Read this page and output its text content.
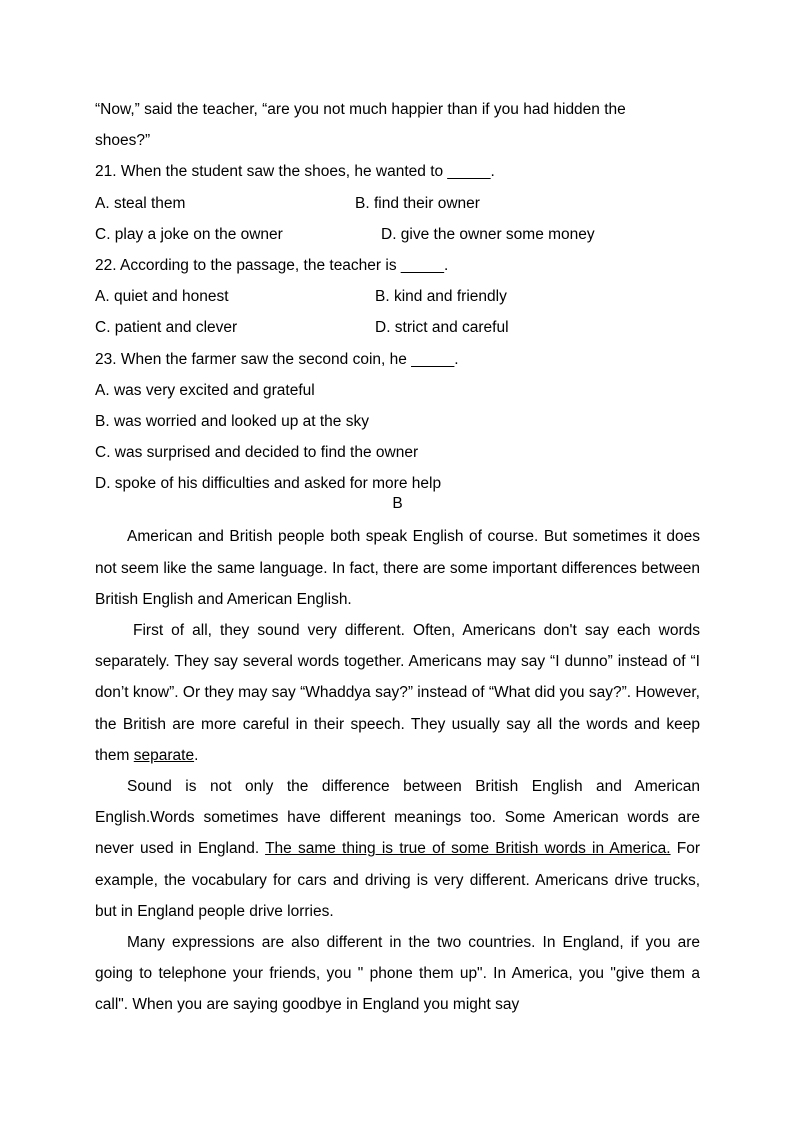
“Now,” said the teacher, “are you not much happier than if you had hidden the
shoes?”
21. When the student saw the shoes, he wanted to _____.
A. steal them	B. find their owner
C. play a joke on the owner	D. give the owner some money
22. According to the passage, the teacher is _____.
A. quiet and honest	B. kind and friendly
C. patient and clever	D. strict and careful
23. When the farmer saw the second coin, he _____.
A. was very excited and grateful
B. was worried and looked up at the sky
C. was surprised and decided to find the owner
D. spoke of his difficulties and asked for more help
B

American and British people both speak English of course. But sometimes it does not seem like the same language. In fact, there are some important differences between British English and American English.

First of all, they sound very different. Often, Americans don't say each words separately. They say several words together. Americans may say “I dunno” instead of “I don’t know”. Or they may say “Whaddya say?” instead of “What did you say?”. However, the British are more careful in their speech. They usually say all the words and keep them separate.

Sound is not only the difference between British English and American English.Words sometimes have different meanings too. Some American words are never used in England. The same thing is true of some British words in America. For example, the vocabulary for cars and driving is very different. Americans drive trucks, but in England people drive lorries.

Many expressions are also different in the two countries. In England, if you are going to telephone your friends, you " phone them up". In America, you "give them a call". When you are saying goodbye in England you might say
